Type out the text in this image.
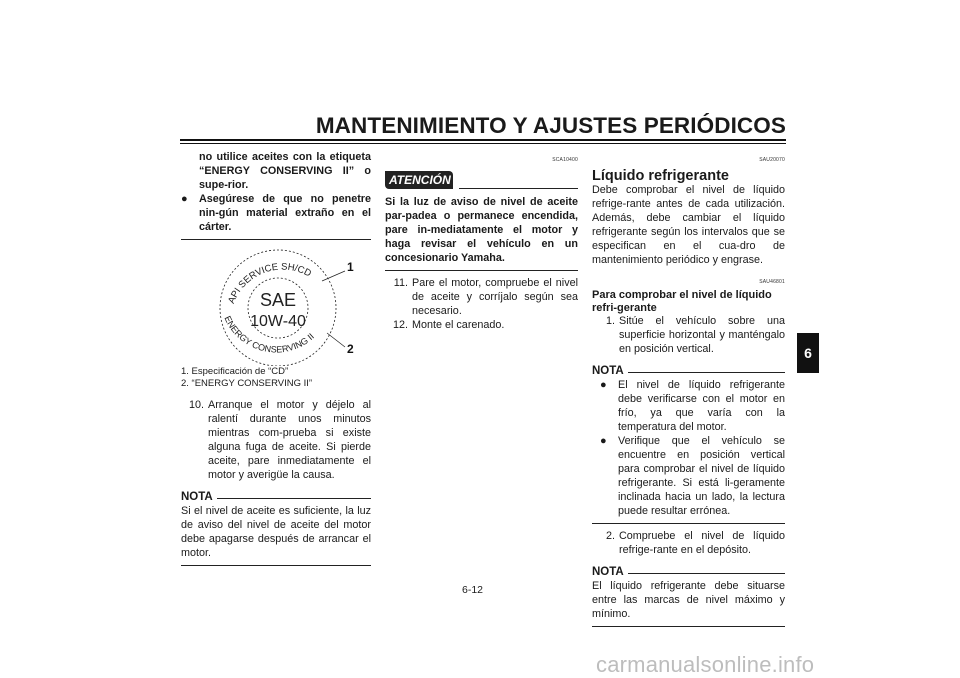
MANTENIMIENTO Y AJUSTES PERIÓDICOS
6
no utilice aceites con la etiqueta “ENERGY CONSERVING II” o supe-rior.
●	Asegúrese de que no penetre nin-gún material extraño en el cárter.
API SERVICE SH/CD
ENERGY CONSERVING II
SAE
10W-40
1
2
1. Especificación de “CD”
2. “ENERGY CONSERVING II”
10. Arranque el motor y déjelo al ralentí durante unos minutos mientras com-prueba si existe alguna fuga de aceite. Si pierde aceite, pare inmediatamente el motor y averigüe la causa.
NOTA
Si el nivel de aceite es suficiente, la luz de aviso del nivel de aceite del motor debe apagarse después de arrancar el motor.
SCA10400
ATENCIÓN
Si la luz de aviso de nivel de aceite par-padea o permanece encendida, pare in-mediatamente el motor y haga revisar el vehículo en un concesionario Yamaha.
11. Pare el motor, compruebe el nivel de aceite y corríjalo según sea necesario.
12. Monte el carenado.
SAU20070
Líquido refrigerante
Debe comprobar el nivel de líquido refrige-rante antes de cada utilización. Además, debe cambiar el líquido refrigerante según los intervalos que se especifican en el cua-dro de mantenimiento periódico y engrase.
SAU46801
Para comprobar el nivel de líquido refri-gerante
1. Sitúe el vehículo sobre una superficie horizontal y manténgalo en posición vertical.
NOTA
●	El nivel de líquido refrigerante debe verificarse con el motor en frío, ya que varía con la temperatura del motor.
●	Verifique que el vehículo se encuentre en posición vertical para comprobar el nivel de líquido refrigerante. Si está li-geramente inclinada hacia un lado, la lectura puede resultar errónea.
2. Compruebe el nivel de líquido refrige-rante en el depósito.
NOTA
El líquido refrigerante debe situarse entre las marcas de nivel máximo y mínimo.
6-12
carmanualsonline.info
